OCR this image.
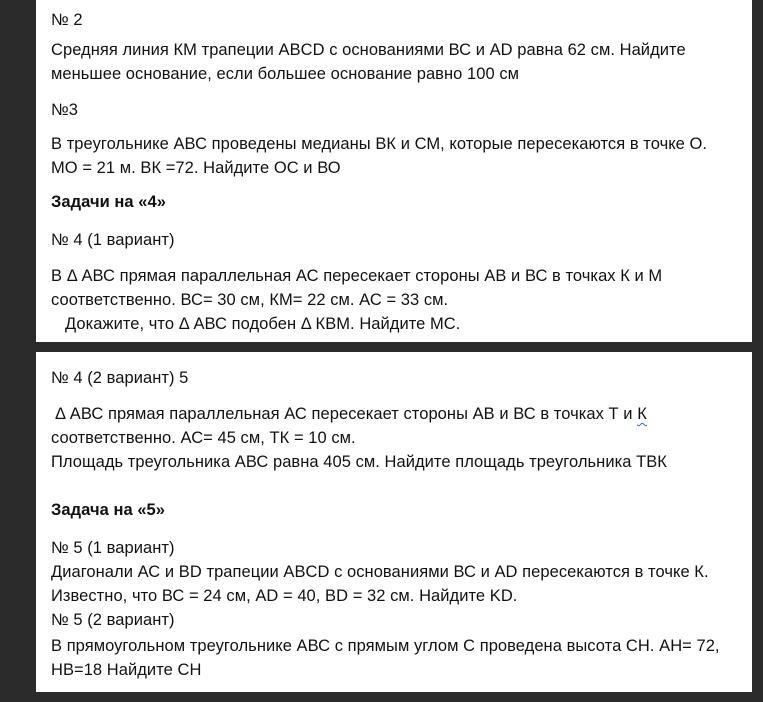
№ 2
Средняя линия КМ трапеции ABCD с основаниями ВС и AD равна 62 см. Найдите
меньшее основание, если большее основание равно 100 см
№3
В треугольнике АВС проведены медианы ВК и СМ, которые пересекаются в точке О.
МО = 21 м. ВК =72. Найдите ОС и ВО
Задачи на «4»
№ 4 (1 вариант)
В Δ АВС прямая параллельная АС пересекает стороны АВ и ВС в точках К и М
соответственно. ВС= 30 см, КМ= 22 см. АС = 33 см.
Докажите, что Δ АВС подобен Δ КВМ. Найдите МС.
№ 4 (2 вариант) 5
Δ АВС прямая параллельная АС пересекает стороны АВ и ВС в точках Т и К
соответственно. АС= 45 см, ТК = 10 см.
Площадь треугольника АВС равна 405 см. Найдите площадь треугольника ТВК
Задача на «5»
№ 5 (1 вариант)
Диагонали АС и BD трапеции ABCD с основаниями ВС и AD пересекаются в точке К.
Известно, что ВС = 24 см, AD = 40, BD = 32 см. Найдите KD.
№ 5 (2 вариант)
В прямоугольном треугольнике АВС с прямым углом С проведена высота СН. АН= 72,
НВ=18 Найдите СН
